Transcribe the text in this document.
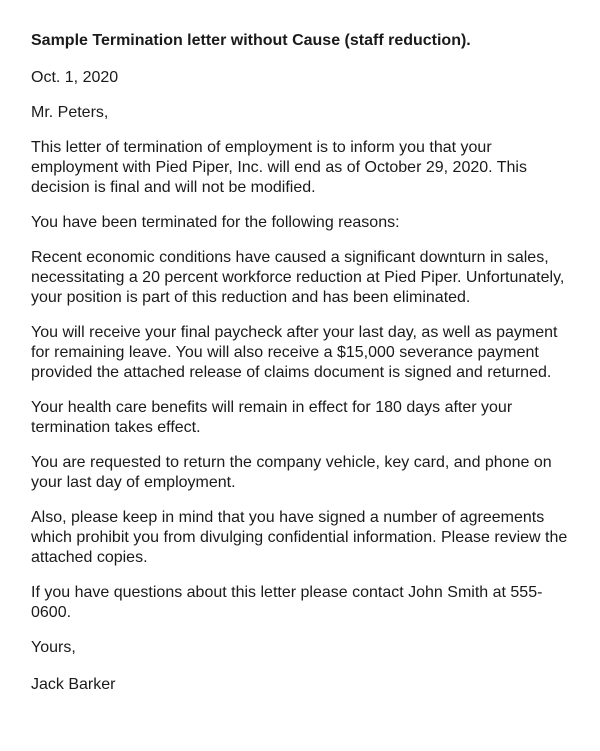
Sample Termination letter without Cause (staff reduction).
Oct. 1, 2020
Mr. Peters,

This letter of termination of employment is to inform you that your employment with Pied Piper, Inc. will end as of October 29, 2020. This decision is final and will not be modified.

You have been terminated for the following reasons:

Recent economic conditions have caused a significant downturn in sales, necessitating a 20 percent workforce reduction at Pied Piper. Unfortunately, your position is part of this reduction and has been eliminated.

You will receive your final paycheck after your last day, as well as payment for remaining leave. You will also receive a $15,000 severance payment provided the attached release of claims document is signed and returned.

Your health care benefits will remain in effect for 180 days after your termination takes effect.

You are requested to return the company vehicle, key card, and phone on your last day of employment.

Also, please keep in mind that you have signed a number of agreements which prohibit you from divulging confidential information. Please review the attached copies.

If you have questions about this letter please contact John Smith at 555-0600.

Yours,
Jack Barker
